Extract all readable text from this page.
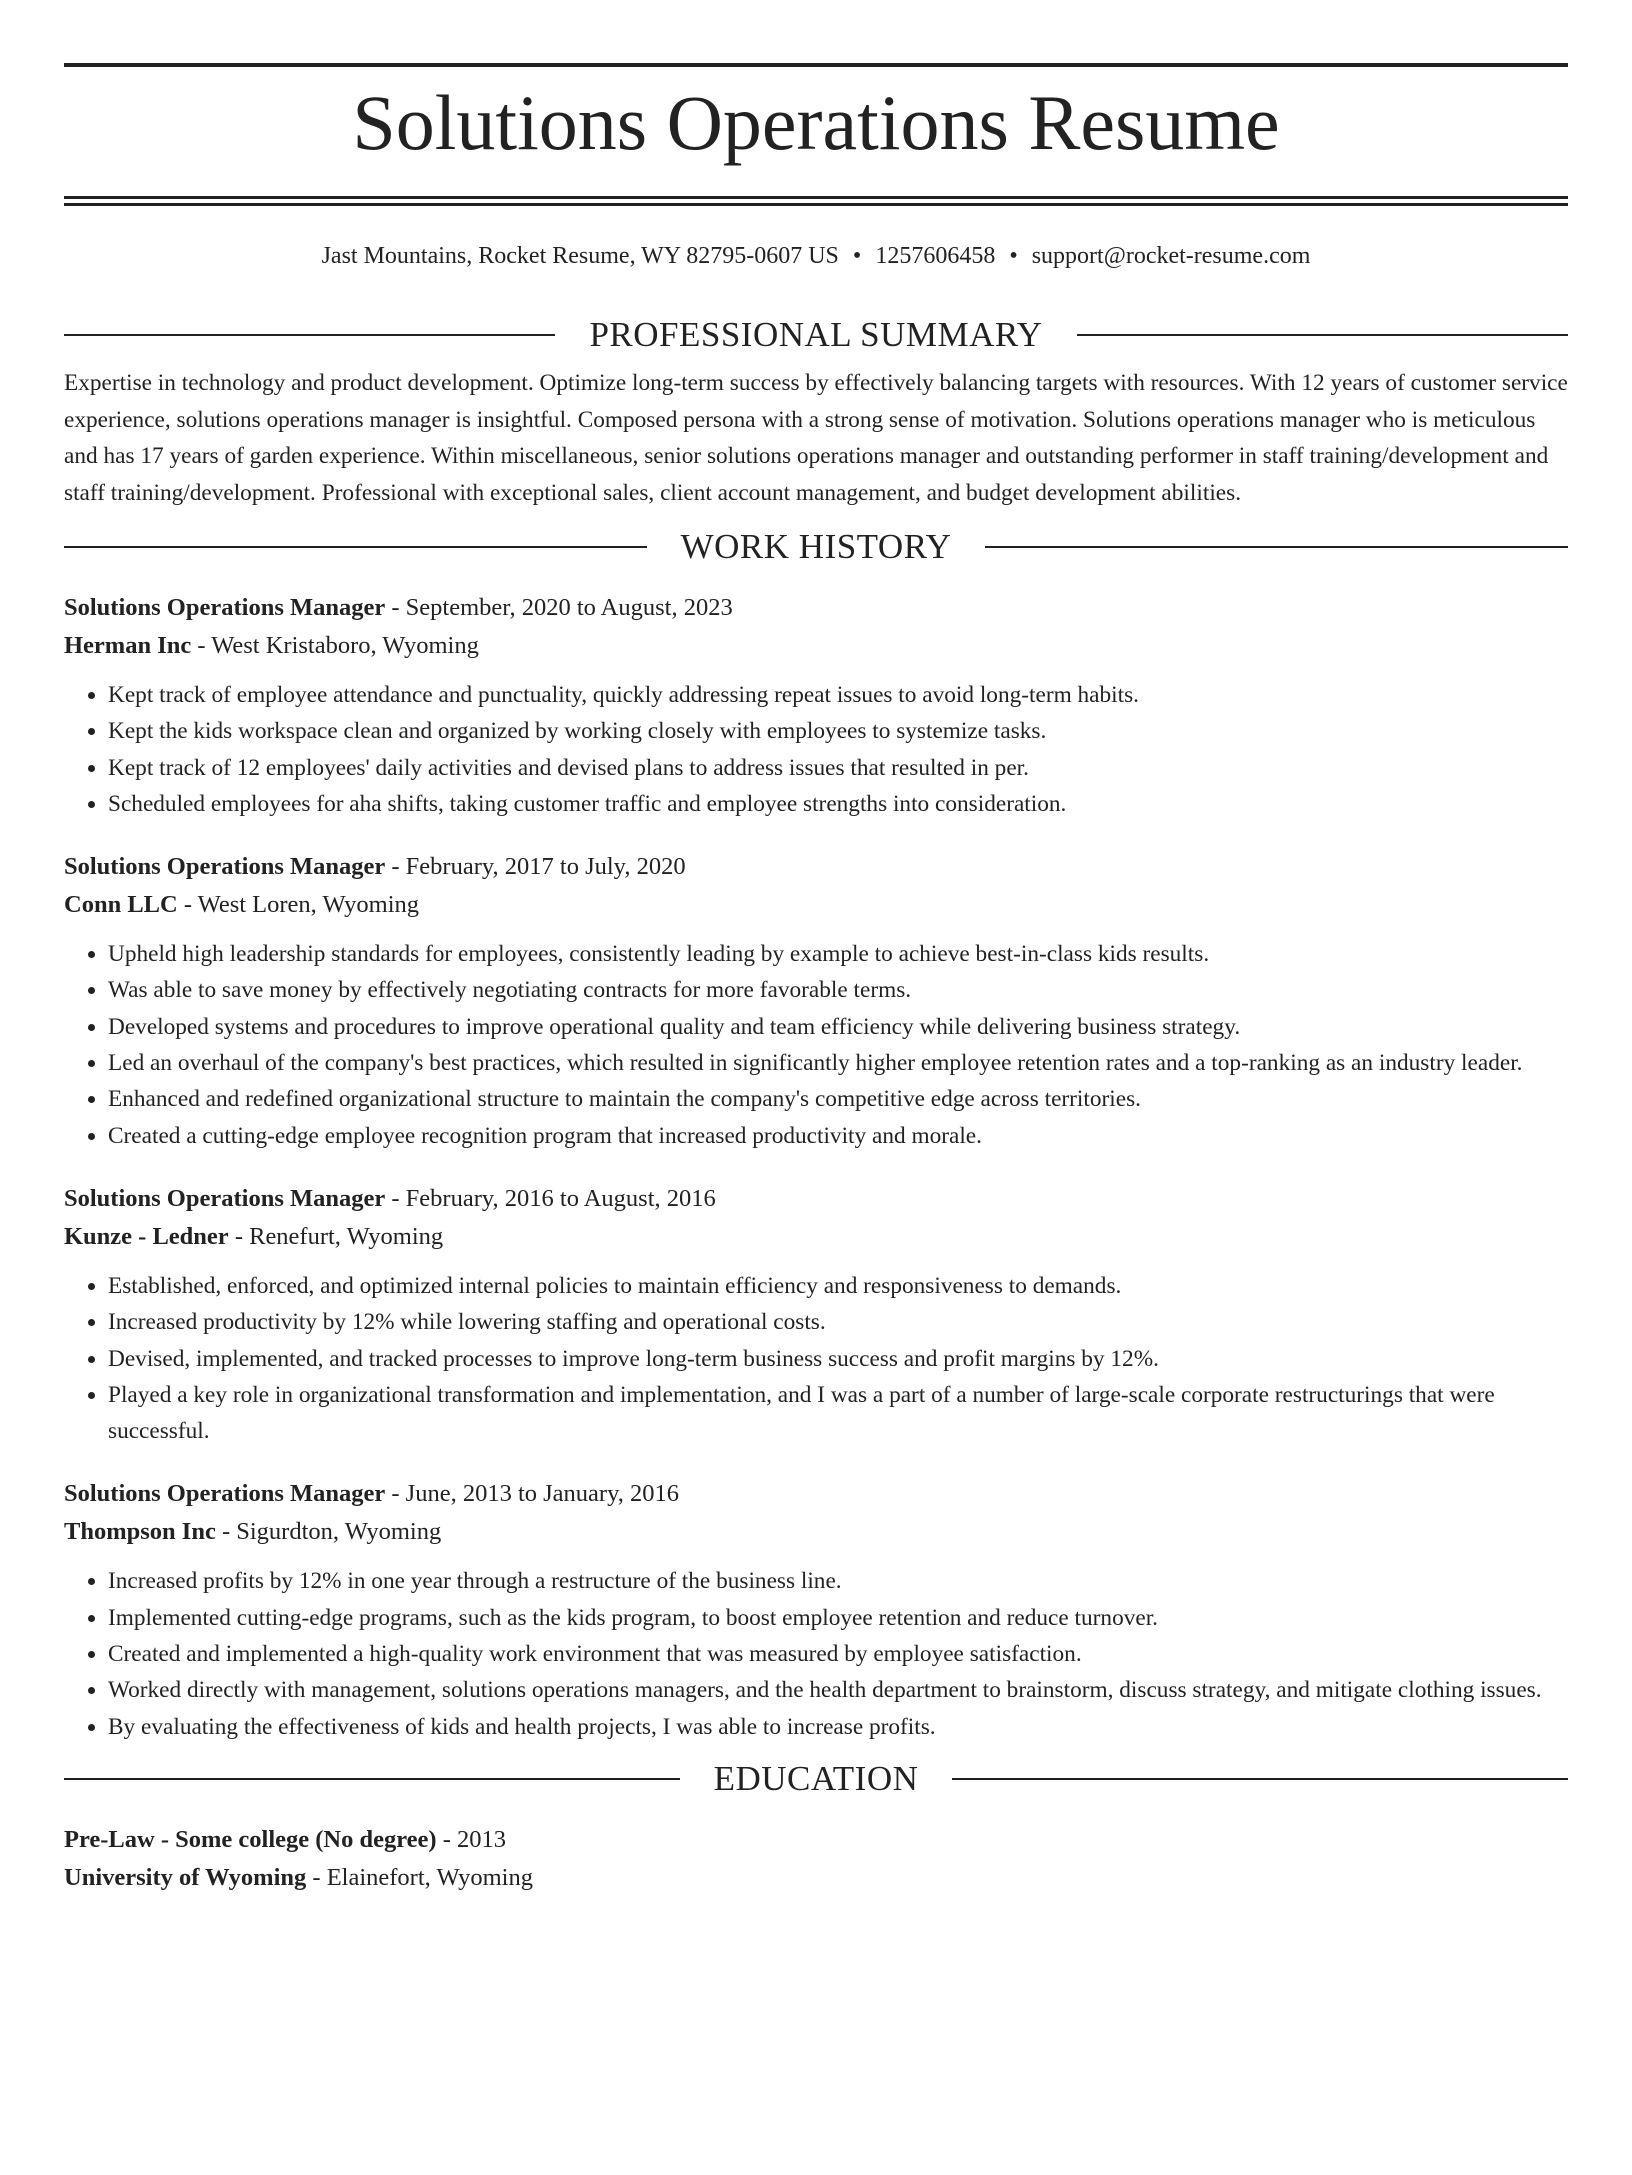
Solutions Operations Resume
Jast Mountains, Rocket Resume, WY 82795-0607 US • 1257606458 • support@rocket-resume.com
PROFESSIONAL SUMMARY

Expertise in technology and product development. Optimize long-term success by effectively balancing targets with resources. With 12 years of customer service experience, solutions operations manager is insightful. Composed persona with a strong sense of motivation. Solutions operations manager who is meticulous and has 17 years of garden experience. Within miscellaneous, senior solutions operations manager and outstanding performer in staff training/development and staff training/development. Professional with exceptional sales, client account management, and budget development abilities.

WORK HISTORY

Solutions Operations Manager - September, 2020 to August, 2023

Herman Inc - West Kristaboro, Wyoming

• Kept track of employee attendance and punctuality, quickly addressing repeat issues to avoid long-term habits.
• Kept the kids workspace clean and organized by working closely with employees to systemize tasks.
• Kept track of 12 employees' daily activities and devised plans to address issues that resulted in per.
• Scheduled employees for aha shifts, taking customer traffic and employee strengths into consideration.

Solutions Operations Manager - February, 2017 to July, 2020

Conn LLC - West Loren, Wyoming

• Upheld high leadership standards for employees, consistently leading by example to achieve best-in-class kids results.
• Was able to save money by effectively negotiating contracts for more favorable terms.
• Developed systems and procedures to improve operational quality and team efficiency while delivering business strategy.
• Led an overhaul of the company's best practices, which resulted in significantly higher employee retention rates and a top-ranking as an industry leader.
• Enhanced and redefined organizational structure to maintain the company's competitive edge across territories.
• Created a cutting-edge employee recognition program that increased productivity and morale.

Solutions Operations Manager - February, 2016 to August, 2016

Kunze - Ledner - Renefurt, Wyoming

• Established, enforced, and optimized internal policies to maintain efficiency and responsiveness to demands.
• Increased productivity by 12% while lowering staffing and operational costs.
• Devised, implemented, and tracked processes to improve long-term business success and profit margins by 12%.
• Played a key role in organizational transformation and implementation, and I was a part of a number of large-scale corporate restructurings that were successful.

Solutions Operations Manager - June, 2013 to January, 2016

Thompson Inc - Sigurdton, Wyoming

• Increased profits by 12% in one year through a restructure of the business line.
• Implemented cutting-edge programs, such as the kids program, to boost employee retention and reduce turnover.
• Created and implemented a high-quality work environment that was measured by employee satisfaction.
• Worked directly with management, solutions operations managers, and the health department to brainstorm, discuss strategy, and mitigate clothing issues.
• By evaluating the effectiveness of kids and health projects, I was able to increase profits.
EDUCATION

Pre-Law - Some college (No degree) - 2013

University of Wyoming - Elainefort, Wyoming
